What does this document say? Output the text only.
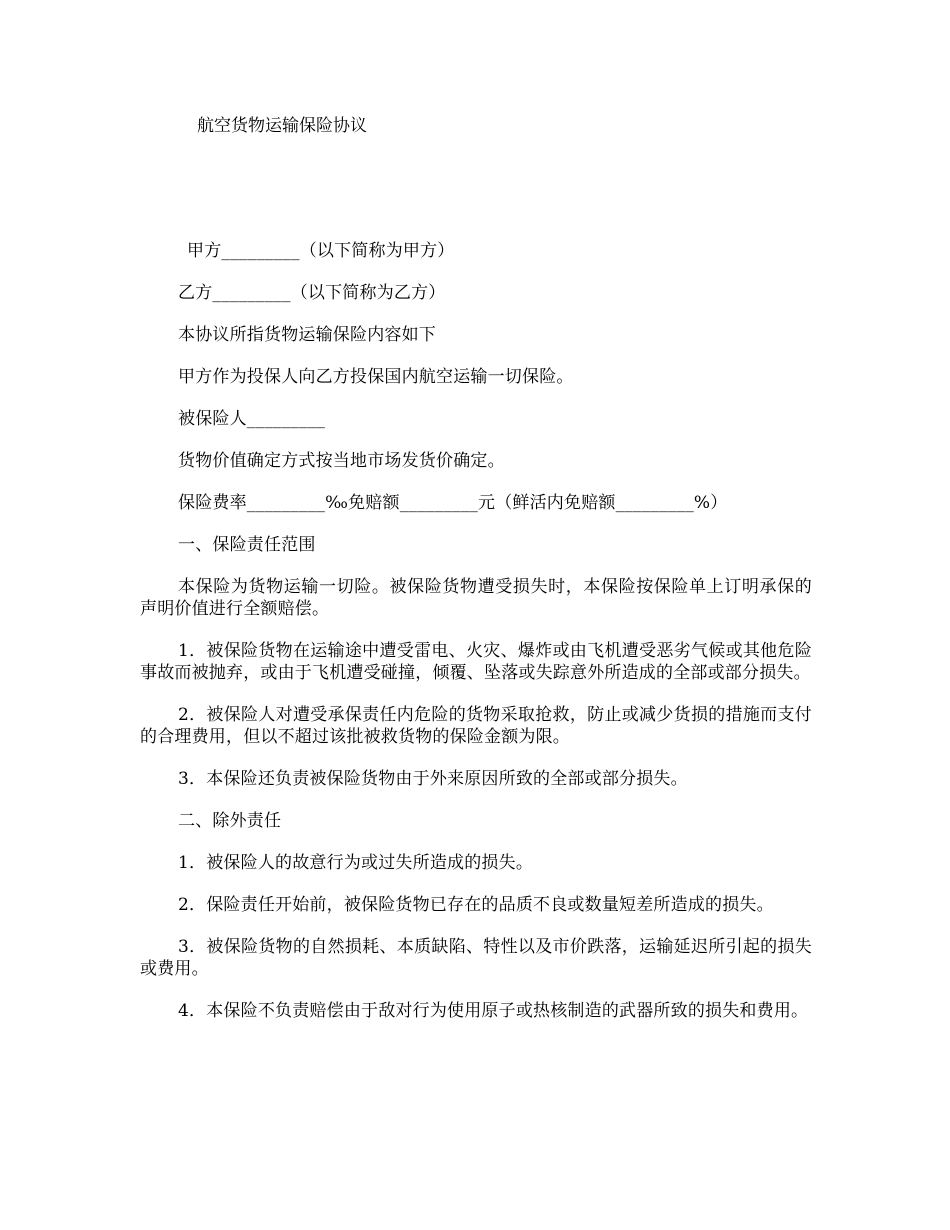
航空货物运输保险协议

甲方_________（以下简称为甲方）

乙方_________（以下简称为乙方）

本协议所指货物运输保险内容如下

甲方作为投保人向乙方投保国内航空运输一切保险。

被保险人_________

货物价值确定方式按当地市场发货价确定。

保险费率_________‰免赔额_________元（鲜活内免赔额_________%）

一、保险责任范围

本保险为货物运输一切险。被保险货物遭受损失时，本保险按保险单上订明承保的声明价值进行全额赔偿。

1．被保险货物在运输途中遭受雷电、火灾、爆炸或由飞机遭受恶劣气候或其他危险事故而被抛弃，或由于飞机遭受碰撞，倾覆、坠落或失踪意外所造成的全部或部分损失。

2．被保险人对遭受承保责任内危险的货物采取抢救，防止或减少货损的措施而支付的合理费用，但以不超过该批被救货物的保险金额为限。

3．本保险还负责被保险货物由于外来原因所致的全部或部分损失。

二、除外责任

1．被保险人的故意行为或过失所造成的损失。

2．保险责任开始前，被保险货物已存在的品质不良或数量短差所造成的损失。

3．被保险货物的自然损耗、本质缺陷、特性以及市价跌落，运输延迟所引起的损失或费用。

4．本保险不负责赔偿由于敌对行为使用原子或热核制造的武器所致的损失和费用。
